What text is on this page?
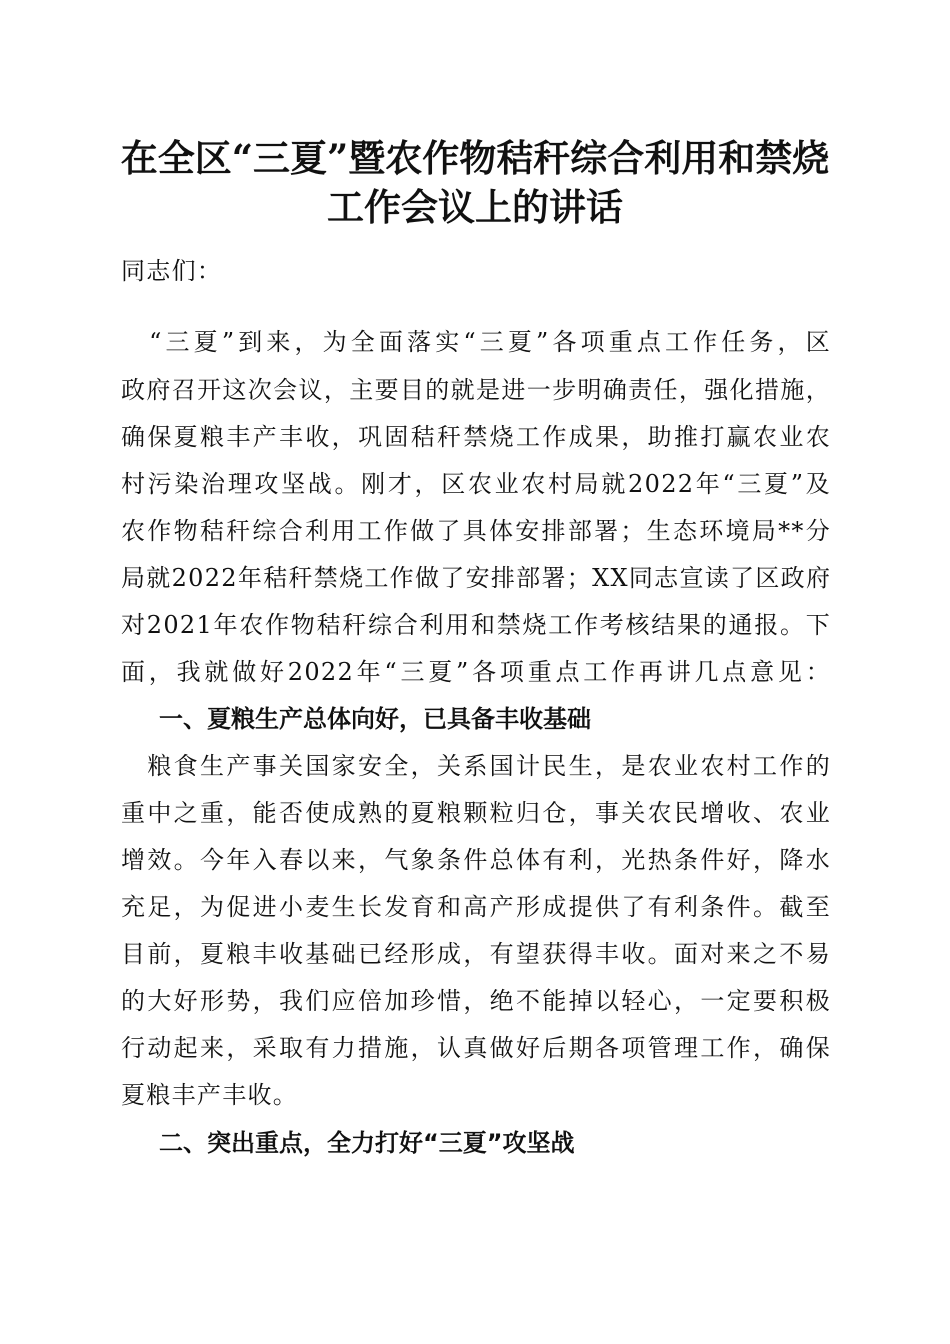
在全区“三夏”暨农作物秸秆综合利用和禁烧
工作会议上的讲话
同志们：
　“三夏”到来，为全面落实“三夏”各项重点工作任务，区
政府召开这次会议，主要目的就是进一步明确责任，强化措施，
确保夏粮丰产丰收，巩固秸秆禁烧工作成果，助推打赢农业农
村污染治理攻坚战。刚才，区农业农村局就2022年“三夏”及
农作物秸秆综合利用工作做了具体安排部署；生态环境局**分
局就2022年秸秆禁烧工作做了安排部署；XX同志宣读了区政府
对2021年农作物秸秆综合利用和禁烧工作考核结果的通报。下
面，我就做好2022年“三夏”各项重点工作再讲几点意见：
一、夏粮生产总体向好，已具备丰收基础
　粮食生产事关国家安全，关系国计民生，是农业农村工作的
重中之重，能否使成熟的夏粮颗粒归仓，事关农民增收、农业
增效。今年入春以来，气象条件总体有利，光热条件好，降水
充足，为促进小麦生长发育和高产形成提供了有利条件。截至
目前，夏粮丰收基础已经形成，有望获得丰收。面对来之不易
的大好形势，我们应倍加珍惜，绝不能掉以轻心，一定要积极
行动起来，采取有力措施，认真做好后期各项管理工作，确保
夏粮丰产丰收。
二、突出重点，全力打好“三夏”攻坚战
